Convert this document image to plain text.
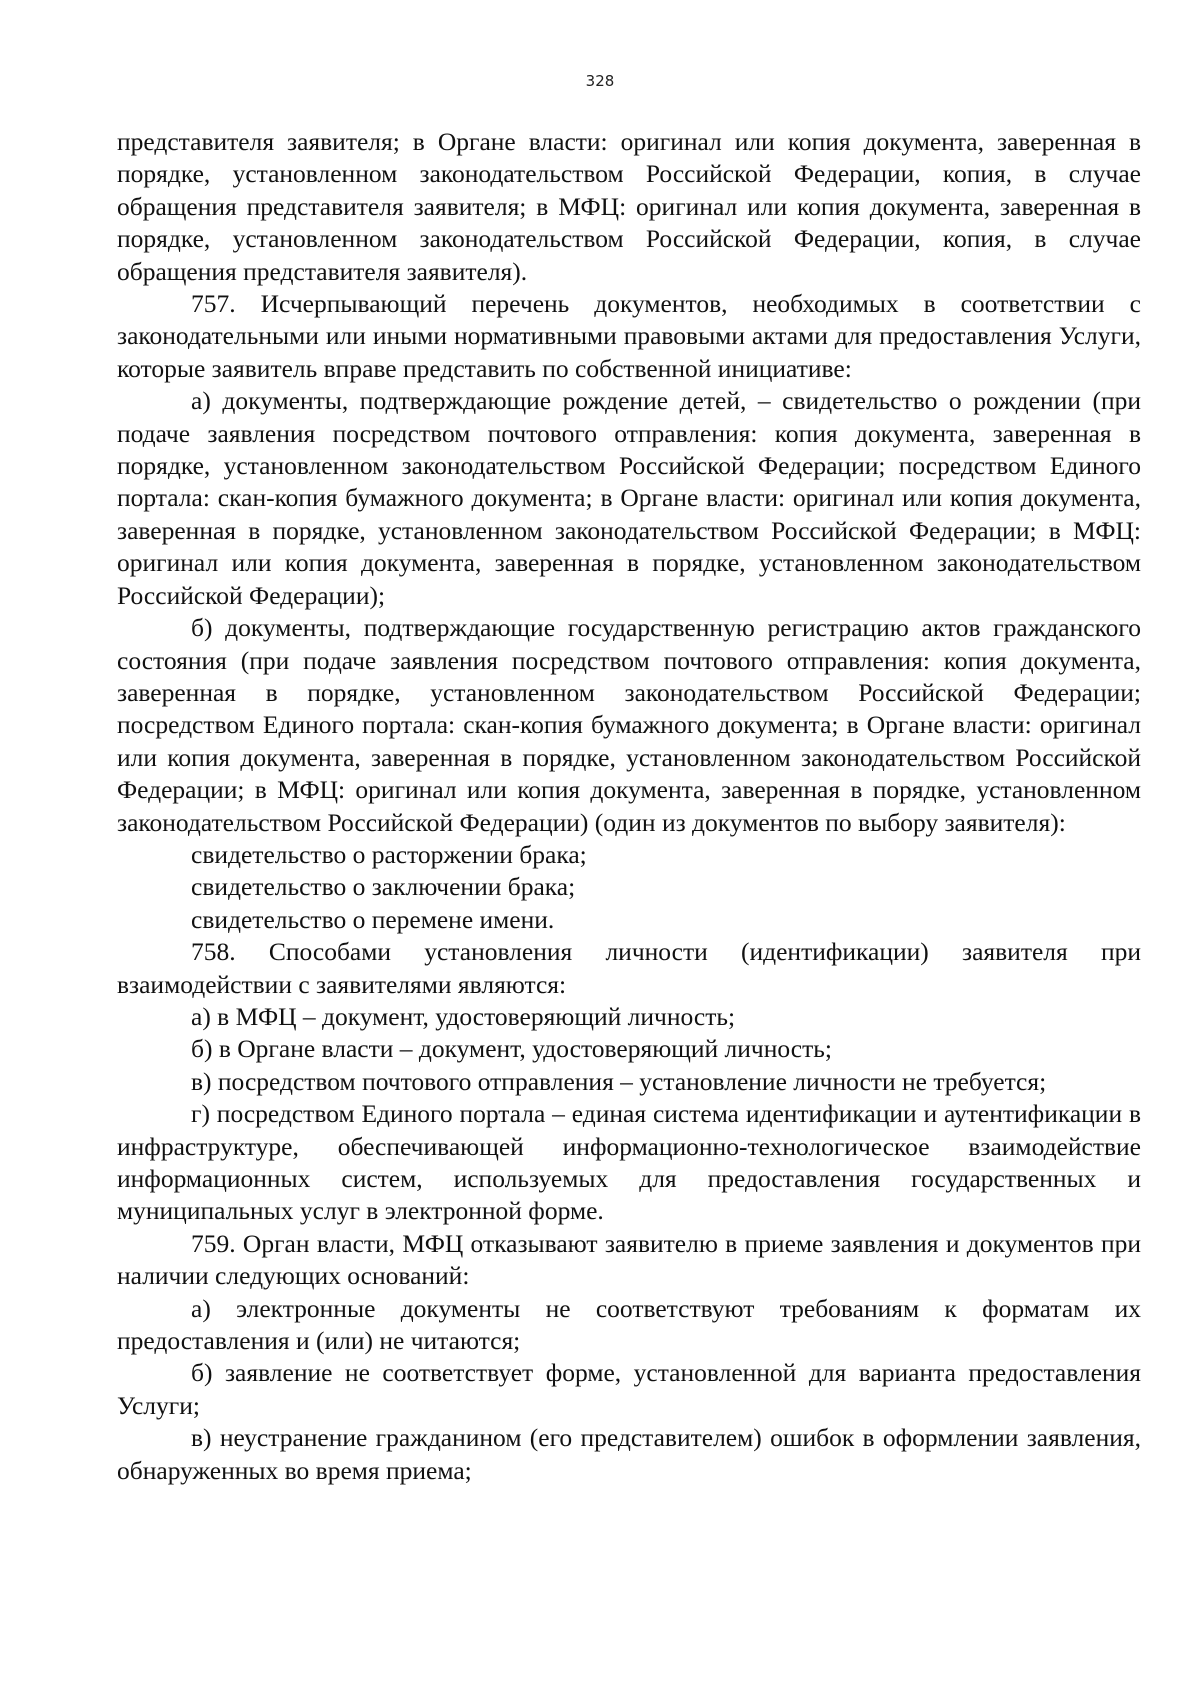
328

представителя заявителя; в Органе власти: оригинал или копия документа, заверенная в порядке, установленном законодательством Российской Федерации, копия, в случае обращения представителя заявителя; в МФЦ: оригинал или копия документа, заверенная в порядке, установленном законодательством Российской Федерации, копия, в случае обращения представителя заявителя).

757. Исчерпывающий перечень документов, необходимых в соответствии с законодательными или иными нормативными правовыми актами для предоставления Услуги, которые заявитель вправе представить по собственной инициативе:

а) документы, подтверждающие рождение детей, – свидетельство о рождении (при подаче заявления посредством почтового отправления: копия документа, заверенная в порядке, установленном законодательством Российской Федерации; посредством Единого портала: скан-копия бумажного документа; в Органе власти: оригинал или копия документа, заверенная в порядке, установленном законодательством Российской Федерации; в МФЦ: оригинал или копия документа, заверенная в порядке, установленном законодательством Российской Федерации);

б) документы, подтверждающие государственную регистрацию актов гражданского состояния (при подаче заявления посредством почтового отправления: копия документа, заверенная в порядке, установленном законодательством Российской Федерации; посредством Единого портала: скан-копия бумажного документа; в Органе власти: оригинал или копия документа, заверенная в порядке, установленном законодательством Российской Федерации; в МФЦ: оригинал или копия документа, заверенная в порядке, установленном законодательством Российской Федерации) (один из документов по выбору заявителя):

свидетельство о расторжении брака;

свидетельство о заключении брака;

свидетельство о перемене имени.

758. Способами установления личности (идентификации) заявителя при взаимодействии с заявителями являются:

а) в МФЦ – документ, удостоверяющий личность;

б) в Органе власти – документ, удостоверяющий личность;

в) посредством почтового отправления – установление личности не требуется;

г) посредством Единого портала – единая система идентификации и аутентификации в инфраструктуре, обеспечивающей информационно-технологическое взаимодействие информационных систем, используемых для предоставления государственных и муниципальных услуг в электронной форме.

759. Орган власти, МФЦ отказывают заявителю в приеме заявления и документов при наличии следующих оснований:

а) электронные документы не соответствуют требованиям к форматам их предоставления и (или) не читаются;

б) заявление не соответствует форме, установленной для варианта предоставления Услуги;

в) неустранение гражданином (его представителем) ошибок в оформлении заявления, обнаруженных во время приема;
